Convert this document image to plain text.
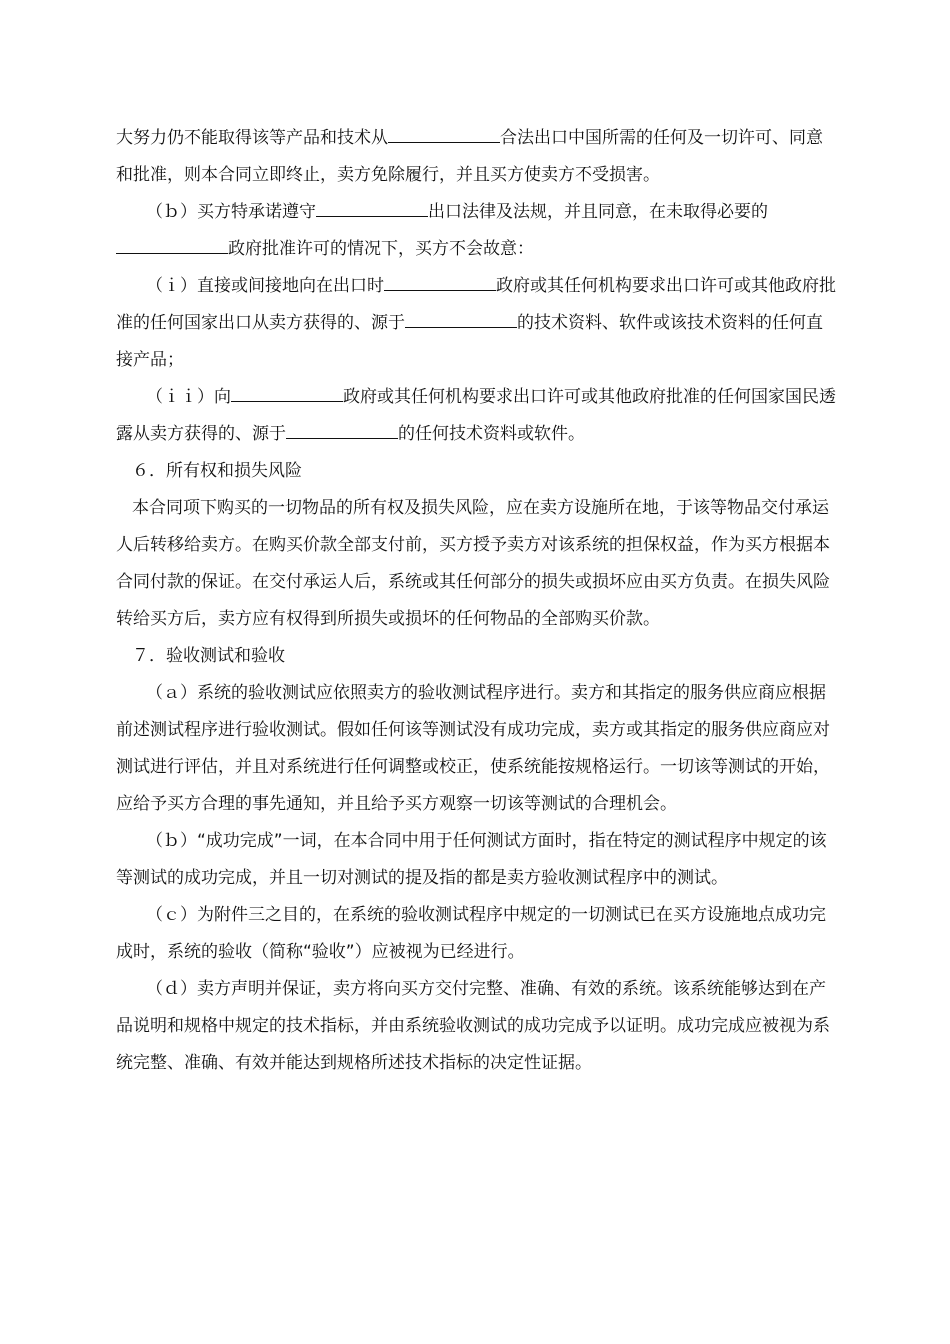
大努力仍不能取得该等产品和技术从	合法出口中国所需的任何及一切许可、同意和批准，则本合同立即终止，卖方免除履行，并且买方使卖方不受损害。

（ｂ）买方特承诺遵守	出口法律及法规，并且同意，在未取得必要的政府批准许可的情况下，买方不会故意：

（ｉ）直接或间接地向在出口时	政府或其任何机构要求出口许可或其他政府批准的任何国家出口从卖方获得的、源于	的技术资料、软件或该技术资料的任何直接产品；

（ｉｉ）向	政府或其任何机构要求出口许可或其他政府批准的任何国家国民透露从卖方获得的、源于	的任何技术资料或软件。

６．所有权和损失风险

本合同项下购买的一切物品的所有权及损失风险，应在卖方设施所在地，于该等物品交付承运人后转移给卖方。在购买价款全部支付前，买方授予卖方对该系统的担保权益，作为买方根据本合同付款的保证。在交付承运人后，系统或其任何部分的损失或损坏应由买方负责。在损失风险转给买方后，卖方应有权得到所损失或损坏的任何物品的全部购买价款。

７．验收测试和验收

（ａ）系统的验收测试应依照卖方的验收测试程序进行。卖方和其指定的服务供应商应根据前述测试程序进行验收测试。假如任何该等测试没有成功完成，卖方或其指定的服务供应商应对测试进行评估，并且对系统进行任何调整或校正，使系统能按规格运行。一切该等测试的开始，应给予买方合理的事先通知，并且给予买方观察一切该等测试的合理机会。

（ｂ）“成功完成”一词，在本合同中用于任何测试方面时，指在特定的测试程序中规定的该等测试的成功完成，并且一切对测试的提及指的都是卖方验收测试程序中的测试。

（ｃ）为附件三之目的，在系统的验收测试程序中规定的一切测试已在买方设施地点成功完成时，系统的验收（简称“验收”）应被视为已经进行。

（ｄ）卖方声明并保证，卖方将向买方交付完整、准确、有效的系统。该系统能够达到在产品说明和规格中规定的技术指标，并由系统验收测试的成功完成予以证明。成功完成应被视为系统完整、准确、有效并能达到规格所述技术指标的决定性证据。
